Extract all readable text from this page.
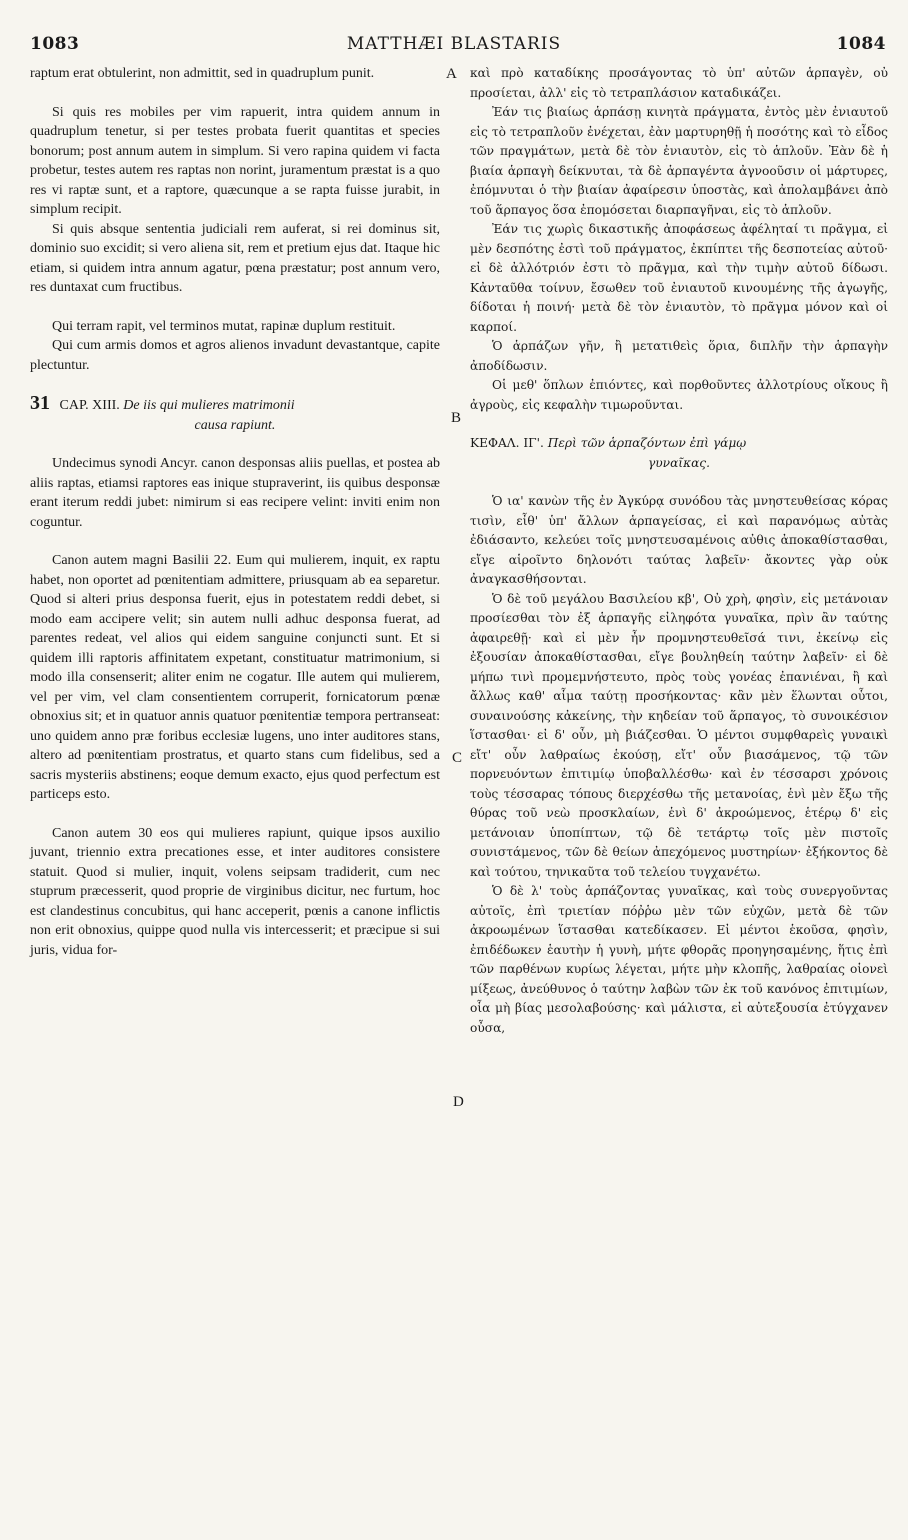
1083	MATTHÆI BLASTARIS	1084
A
B
C
D

raptum erat obtulerint, non admittit, sed in quadruplum punit.

Si quis res mobiles per vim rapuerit, intra quidem annum in quadruplum tenetur, si per testes probata fuerit quantitas et species bonorum; post annum autem in simplum. Si vero rapina quidem vi facta probetur, testes autem res raptas non norint, juramentum præstat is a quo res vi raptæ sunt, et a raptore, quæcunque a se rapta fuisse jurabit, in simplum recipit.

Si quis absque sententia judiciali rem auferat, si rei dominus sit, dominio suo excidit; si vero aliena sit, rem et pretium ejus dat. Itaque hic etiam, si quidem intra annum agatur, pœna præstatur; post annum vero, res duntaxat cum fructibus.

Qui terram rapit, vel terminos mutat, rapinæ duplum restituit.

Qui cum armis domos et agros alienos invadunt devastantque, capite plectuntur.

31 CAP. XIII. De iis qui mulieres matrimonii
causa rapiunt.

Undecimus synodi Ancyr. canon desponsas aliis puellas, et postea ab aliis raptas, etiamsi raptores eas inique stupraverint, iis quibus desponsæ erant iterum reddi jubet: nimirum si eas recipere velint: inviti enim non coguntur.

Canon autem magni Basilii 22. Eum qui mulierem, inquit, ex raptu habet, non oportet ad pœnitentiam admittere, priusquam ab ea separetur. Quod si alteri prius desponsa fuerit, ejus in potestatem reddi debet, si modo eam accipere velit; sin autem nulli adhuc desponsa fuerat, ad parentes redeat, vel alios qui eidem sanguine conjuncti sunt. Et si quidem illi raptoris affinitatem expetant, constituatur matrimonium, si modo illa consenserit; aliter enim ne cogatur. Ille autem qui mulierem, vel per vim, vel clam consentientem corruperit, fornicatorum pœnæ obnoxius sit; et in quatuor annis quatuor pœnitentiæ tempora pertranseat: uno quidem anno præ foribus ecclesiæ lugens, uno inter auditores stans, altero ad pœnitentiam prostratus, et quarto stans cum fidelibus, sed a sacris mysteriis abstinens; eoque demum exacto, ejus quod perfectum est particeps esto.

Canon autem 30 eos qui mulieres rapiunt, quique ipsos auxilio juvant, triennio extra precationes esse, et inter auditores consistere statuit. Quod si mulier, inquit, volens seipsam tradiderit, cum nec stuprum præcesserit, quod proprie de virginibus dicitur, nec furtum, hoc est clandestinus concubitus, qui hanc acceperit, pœnis a canone inflictis non erit obnoxius, quippe quod nulla vis intercesserit; et præcipue si sui juris, vidua for-

καὶ πρὸ καταδίκης προσάγοντας τὸ ὑπ' αὐτῶν ἁρπαγὲν, οὐ προσίεται, ἀλλ' εἰς τὸ τετραπλάσιον καταδικάζει.

Ἐάν τις βιαίως ἁρπάσῃ κινητὰ πράγματα, ἐντὸς μὲν ἐνιαυτοῦ εἰς τὸ τετραπλοῦν ἐνέχεται, ἐὰν μαρτυρηθῇ ἡ ποσότης καὶ τὸ εἶδος τῶν πραγμάτων, μετὰ δὲ τὸν ἐνιαυτὸν, εἰς τὸ ἁπλοῦν. Ἐὰν δὲ ἡ βιαία ἁρπαγὴ δείκνυται, τὰ δὲ ἁρπαγέντα ἀγνοοῦσιν οἱ μάρτυρες, ἐπόμνυται ὁ τὴν βιαίαν ἀφαίρεσιν ὑποστὰς, καὶ ἀπολαμβάνει ἀπὸ τοῦ ἅρπαγος ὅσα ἐπομόσεται διαρπαγῆναι, εἰς τὸ ἁπλοῦν.

Ἐάν τις χωρὶς δικαστικῆς ἀποφάσεως ἀφέληταί τι πρᾶγμα, εἰ μὲν δεσπότης ἐστὶ τοῦ πράγματος, ἐκπίπτει τῆς δεσποτείας αὐτοῦ· εἰ δὲ ἀλλότριόν ἐστι τὸ πρᾶγμα, καὶ τὴν τιμὴν αὐτοῦ δίδωσι. Κἀνταῦθα τοίνυν, ἔσωθεν τοῦ ἐνιαυτοῦ κινουμένης τῆς ἀγωγῆς, δίδοται ἡ ποινή· μετὰ δὲ τὸν ἐνιαυτὸν, τὸ πρᾶγμα μόνον καὶ οἱ καρποί.

Ὁ ἁρπάζων γῆν, ἢ μετατιθεὶς ὅρια, διπλῆν τὴν ἁρπαγὴν ἀποδίδωσιν.

Οἱ μεθ' ὅπλων ἐπιόντες, καὶ πορθοῦντες ἀλλοτρίους οἴκους ἢ ἀγροὺς, εἰς κεφαλὴν τιμωροῦνται.

ΚΕΦΑΛ. ΙΓ'. Περὶ τῶν ἁρπαζόντων ἐπὶ γάμῳ
γυναῖκας.

Ὁ ια' κανὼν τῆς ἐν Ἀγκύρᾳ συνόδου τὰς μνηστευθείσας κόρας τισὶν, εἶθ' ὑπ' ἄλλων ἁρπαγείσας, εἰ καὶ παρανόμως αὐτὰς ἐδιάσαντο, κελεύει τοῖς μνηστευσαμένοις αὐθις ἀποκαθίστασθαι, εἴγε αἱροῖντο δηλονότι ταύτας λαβεῖν· ἄκοντες γὰρ οὐκ ἀναγκασθήσονται.

Ὁ δὲ τοῦ μεγάλου Βασιλείου κβ', Οὐ χρὴ, φησὶν, εἰς μετάνοιαν προσίεσθαι τὸν ἐξ ἁρπαγῆς εἰληφότα γυναῖκα, πρὶν ἂν ταύτης ἀφαιρεθῇ· καὶ εἰ μὲν ἦν προμνηστευθεῖσά τινι, ἐκείνῳ εἰς ἐξουσίαν ἀποκαθίστασθαι, εἴγε βουληθείη ταύτην λαβεῖν· εἰ δὲ μήπω τινὶ προμεμνήστευτο, πρὸς τοὺς γονέας ἐπανιέναι, ἢ καὶ ἄλλως καθ' αἷμα ταύτῃ προσήκοντας· κἂν μὲν ἕλωνται οὗτοι, συναινούσης κἀκείνης, τὴν κηδείαν τοῦ ἅρπαγος, τὸ συνοικέσιον ἵστασθαι· εἰ δ' οὖν, μὴ βιάζεσθαι. Ὁ μέντοι συμφθαρεὶς γυναικὶ εἴτ' οὖν λαθραίως ἑκούσῃ, εἴτ' οὖν βιασάμενος, τῷ τῶν πορνευόντων ἐπιτιμίῳ ὑποβαλλέσθω· καὶ ἐν τέσσαρσι χρόνοις τοὺς τέσσαρας τόπους διερχέσθω τῆς μετανοίας, ἑνὶ μὲν ἔξω τῆς θύρας τοῦ νεὼ προσκλαίων, ἑνὶ δ' ἀκροώμενος, ἑτέρῳ δ' εἰς μετάνοιαν ὑποπίπτων, τῷ δὲ τετάρτῳ τοῖς μὲν πιστοῖς συνιστάμενος, τῶν δὲ θείων ἀπεχόμενος μυστηρίων· ἐξήκοντος δὲ καὶ τούτου, τηνικαῦτα τοῦ τελείου τυγχανέτω.

Ὁ δὲ λ' τοὺς ἁρπάζοντας γυναῖκας, καὶ τοὺς συνεργοῦντας αὐτοῖς, ἐπὶ τριετίαν πόῤῥω μὲν τῶν εὐχῶν, μετὰ δὲ τῶν ἀκροωμένων ἵστασθαι κατεδίκασεν. Εἰ μέντοι ἑκοῦσα, φησὶν, ἐπιδέδωκεν ἑαυτὴν ἡ γυνὴ, μήτε φθορᾶς προηγησαμένης, ἥτις ἐπὶ τῶν παρθένων κυρίως λέγεται, μήτε μὴν κλοπῆς, λαθραίας οἱονεὶ μίξεως, ἀνεύθυνος ὁ ταύτην λαβὼν τῶν ἐκ τοῦ κανόνος ἐπιτιμίων, οἷα μὴ βίας μεσολαβούσης· καὶ μάλιστα, εἰ αὐτεξουσία ἐτύγχανεν οὖσα,
